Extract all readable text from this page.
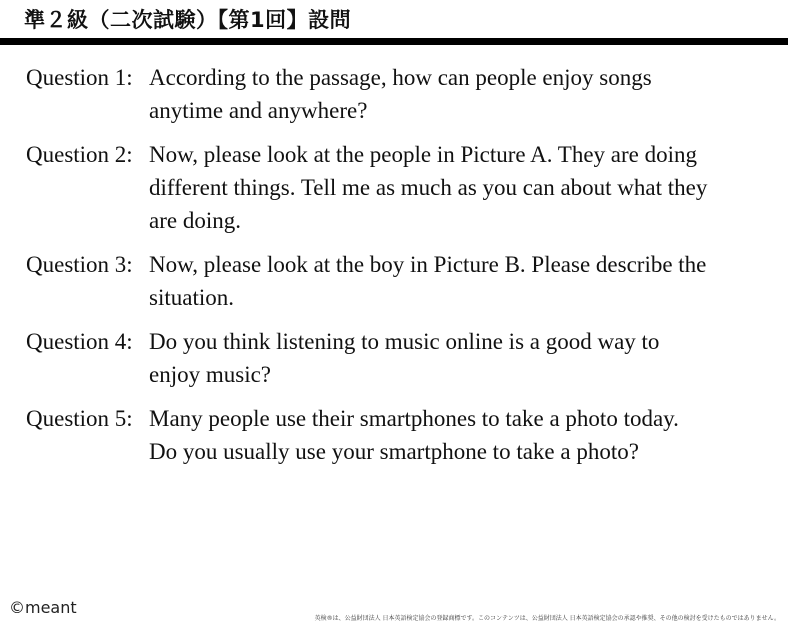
準２級（二次試験）【第1回】設問
Question 1: According to the passage, how can people enjoy songs anytime and anywhere?
Question 2: Now, please look at the people in Picture A. They are doing different things. Tell me as much as you can about what they are doing.
Question 3: Now, please look at the boy in Picture B. Please describe the situation.
Question 4: Do you think listening to music online is a good way to enjoy music?
Question 5: Many people use their smartphones to take a photo today. Do you usually use your smartphone to take a photo?
©meant
英検®は、公益財団法人 日本英語検定協会の登録商標です。このコンテンツは、公益財団法人 日本英語検定協会の承認や推奨、その他の検討を受けたものではありません。
